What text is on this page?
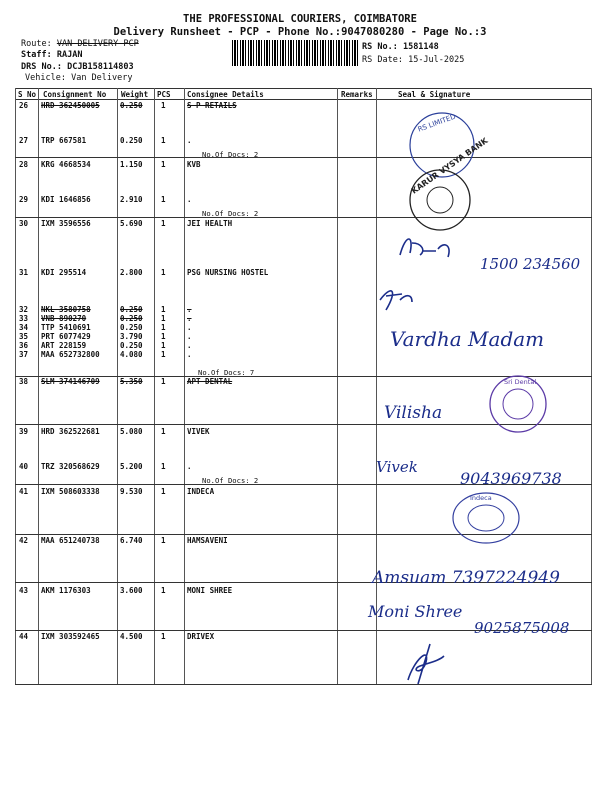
THE PROFESSIONAL COURIERS, COIMBATORE
Delivery Runsheet - PCP - Phone No.:9047080280 - Page No.:3
Route: VAN DELIVERY PCP
Staff: RAJAN
DRS No.: DCJB158114803
Vehicle: Van Delivery
RS No.: 1581148
RS Date: 15-Jul-2025
S No Consignment No Weight PCS Consignee Details	Remarks	Seal & Signature
26 HRD 362450005	0.250 1	S P RETAILS
27 TRP 667581	0.250 1	.
No.Of Docs: 2
28 KRG 4668534	1.150 1	KVB
29 KDI 1646856	2.910 1	.
No.Of Docs: 2
30 IXM 3596556	5.690 1	JEI HEALTH
31 KDI 295514	2.800 1	PSG NURSING HOSTEL
32 NKL 3580758	0.250 1	.
33 VNB 890270	0.250 1	.
34 TTP 5410691	0.250 1	.
35 PRT 6077429	3.790 1	.
36 ART 228159	0.250 1	.
37 MAA 652732800	4.080 1	.
No.Of Docs: 7
38 SLM 374146709	5.350 1	APT DENTAL
39 HRD 362522681	5.080 1	VIVEK
40 TRZ 320568629	5.200 1	.
No.Of Docs: 2
41 IXM 508603338	9.530 1	INDECA
42 MAA 651240738	6.740 1	HAMSAVENI
43 AKM 1176303	3.600 1	MONI SHREE
44 IXM 303592465	4.500 1	DRIVEX
RS LIMITED
KARUR VYSYA BANK
1500 234560
Vardha Madam
Sri Dental
Vilisha
Vivek
9043969738
Indeca
Amsuam 7397224949
Moni Shree
9025875008
